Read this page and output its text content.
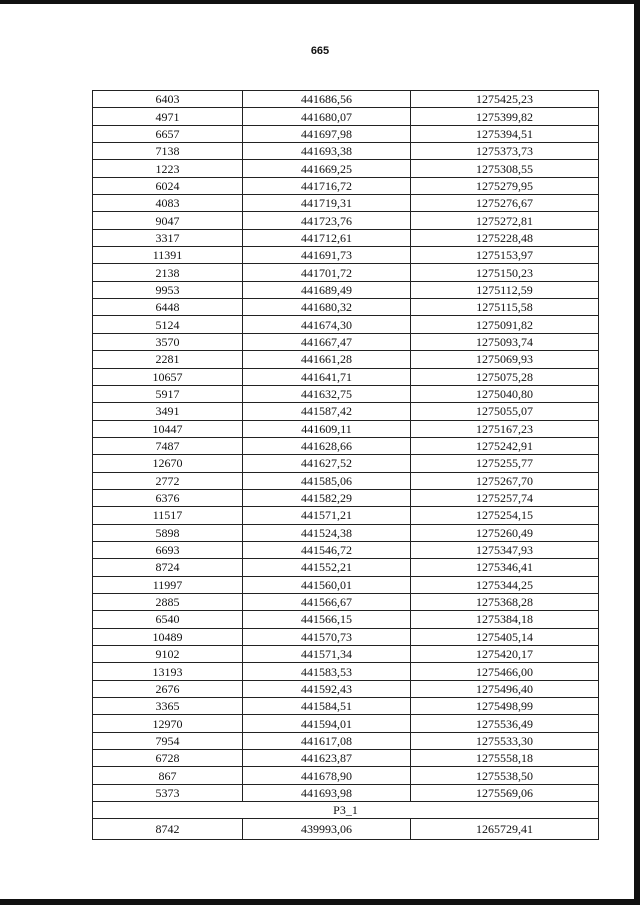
665
6403	441686,56	1275425,23
4971	441680,07	1275399,82
6657	441697,98	1275394,51
7138	441693,38	1275373,73
1223	441669,25	1275308,55
6024	441716,72	1275279,95
4083	441719,31	1275276,67
9047	441723,76	1275272,81
3317	441712,61	1275228,48
11391	441691,73	1275153,97
2138	441701,72	1275150,23
9953	441689,49	1275112,59
6448	441680,32	1275115,58
5124	441674,30	1275091,82
3570	441667,47	1275093,74
2281	441661,28	1275069,93
10657	441641,71	1275075,28
5917	441632,75	1275040,80
3491	441587,42	1275055,07
10447	441609,11	1275167,23
7487	441628,66	1275242,91
12670	441627,52	1275255,77
2772	441585,06	1275267,70
6376	441582,29	1275257,74
11517	441571,21	1275254,15
5898	441524,38	1275260,49
6693	441546,72	1275347,93
8724	441552,21	1275346,41
11997	441560,01	1275344,25
2885	441566,67	1275368,28
6540	441566,15	1275384,18
10489	441570,73	1275405,14
9102	441571,34	1275420,17
13193	441583,53	1275466,00
2676	441592,43	1275496,40
3365	441584,51	1275498,99
12970	441594,01	1275536,49
7954	441617,08	1275533,30
6728	441623,87	1275558,18
867	441678,90	1275538,50
5373	441693,98	1275569,06
P3_1		
8742	439993,06	1265729,41
